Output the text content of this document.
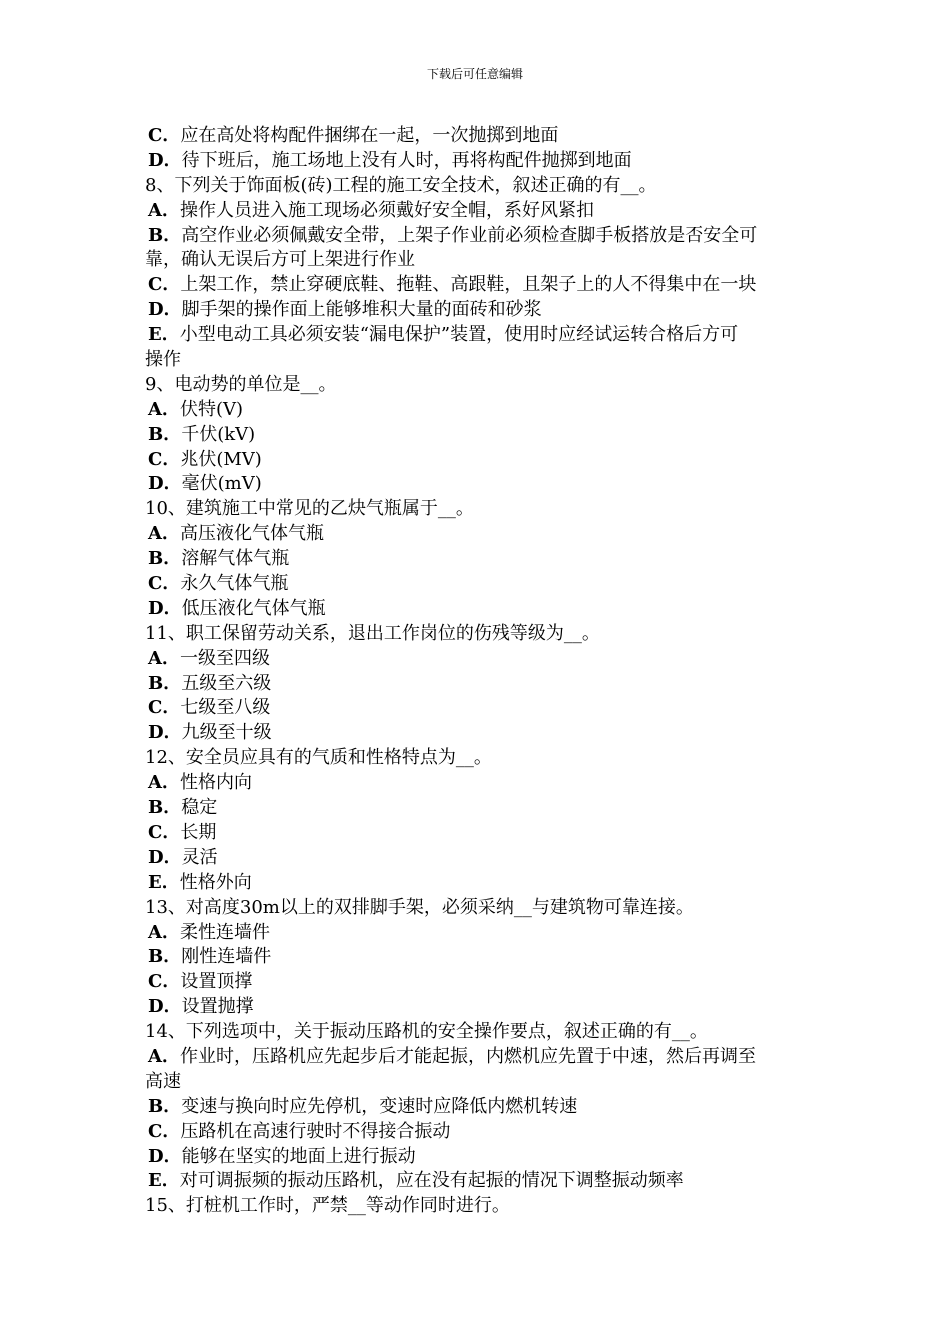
下载后可任意编辑
C．应在高处将构配件捆绑在一起，一次抛掷到地面
D．待下班后，施工场地上没有人时，再将构配件抛掷到地面
8、下列关于饰面板(砖)工程的施工安全技术，叙述正确的有__。
A．操作人员进入施工现场必须戴好安全帽，系好风紧扣
B．高空作业必须佩戴安全带，上架子作业前必须检查脚手板搭放是否安全可
靠，确认无误后方可上架进行作业
C．上架工作，禁止穿硬底鞋、拖鞋、高跟鞋，且架子上的人不得集中在一块
D．脚手架的操作面上能够堆积大量的面砖和砂浆
E．小型电动工具必须安装“漏电保护”装置，使用时应经试运转合格后方可
操作
9、电动势的单位是__。
A．伏特(V)
B．千伏(kV)
C．兆伏(MV)
D．毫伏(mV)
10、建筑施工中常见的乙炔气瓶属于__。
A．高压液化气体气瓶
B．溶解气体气瓶
C．永久气体气瓶
D．低压液化气体气瓶
11、职工保留劳动关系，退出工作岗位的伤残等级为__。
A．一级至四级
B．五级至六级
C．七级至八级
D．九级至十级
12、安全员应具有的气质和性格特点为__。
A．性格内向
B．稳定
C．长期
D．灵活
E．性格外向
13、对高度30m以上的双排脚手架，必须采纳__与建筑物可靠连接。
A．柔性连墙件
B．刚性连墙件
C．设置顶撑
D．设置抛撑
14、下列选项中，关于振动压路机的安全操作要点，叙述正确的有__。
A．作业时，压路机应先起步后才能起振，内燃机应先置于中速，然后再调至
高速
B．变速与换向时应先停机，变速时应降低内燃机转速
C．压路机在高速行驶时不得接合振动
D．能够在坚实的地面上进行振动
E．对可调振频的振动压路机，应在没有起振的情况下调整振动频率
15、打桩机工作时，严禁__等动作同时进行。
